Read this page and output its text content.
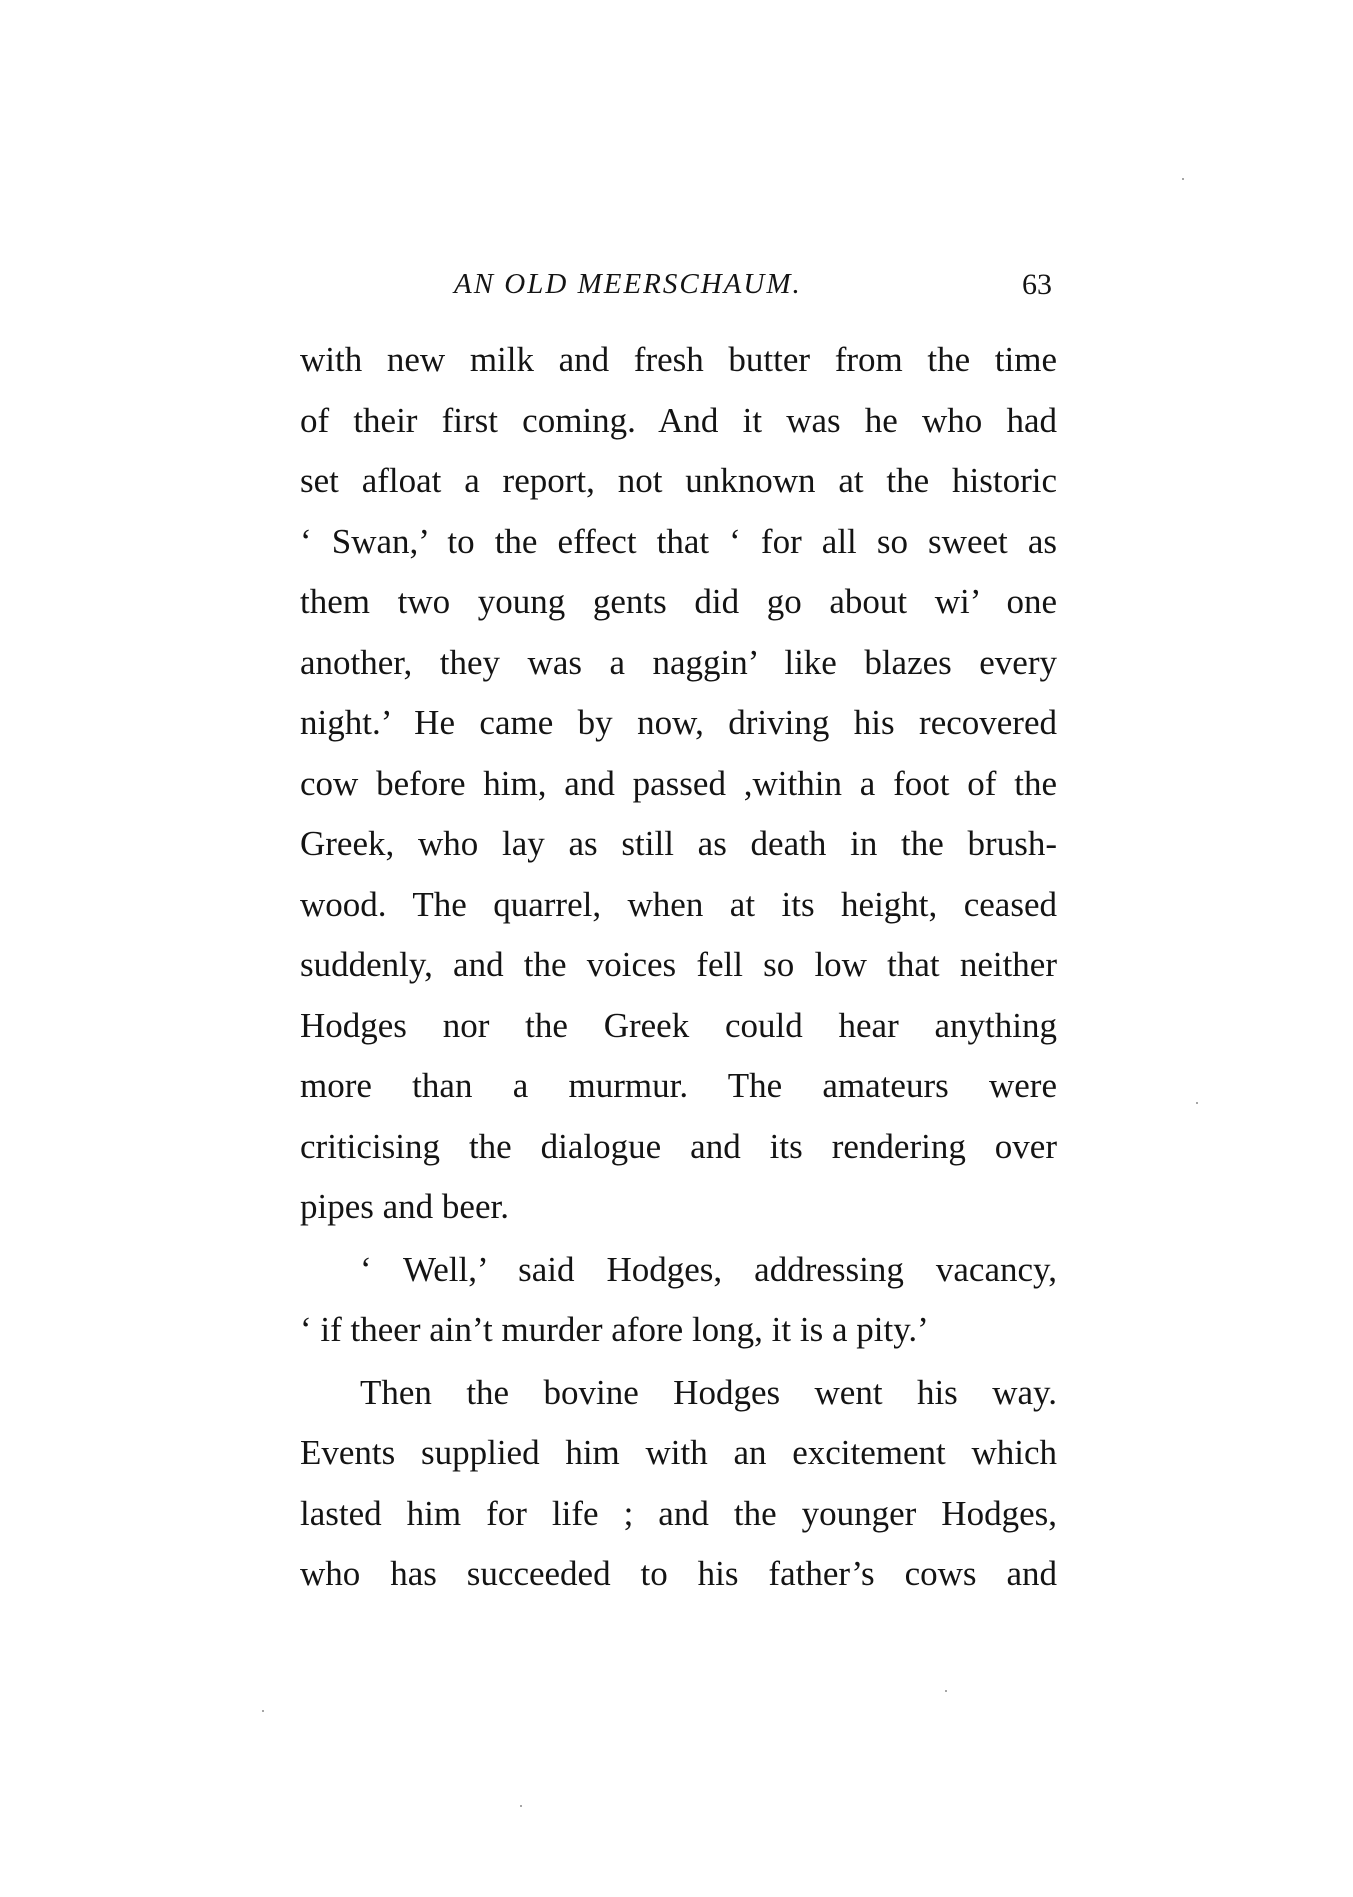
AN OLD MEERSCHAUM.	63
with new milk and fresh butter from the time
of their first coming. And it was he who had
set afloat a report, not unknown at the historic
‘ Swan,’ to the effect that ‘ for all so sweet as
them two young gents did go about wi’ one
another, they was a naggin’ like blazes every
night.’ He came by now, driving his recovered
cow before him, and passed ,within a foot of the
Greek, who lay as still as death in the brush-
wood. The quarrel, when at its height, ceased
suddenly, and the voices fell so low that neither
Hodges nor the Greek could hear anything
more than a murmur. The amateurs were
criticising the dialogue and its rendering over
pipes and beer.
‘ Well,’ said Hodges, addressing vacancy,
‘ if theer ain’t murder afore long, it is a pity.’
Then the bovine Hodges went his way.
Events supplied him with an excitement which
lasted him for life ; and the younger Hodges,
who has succeeded to his father’s cows and
